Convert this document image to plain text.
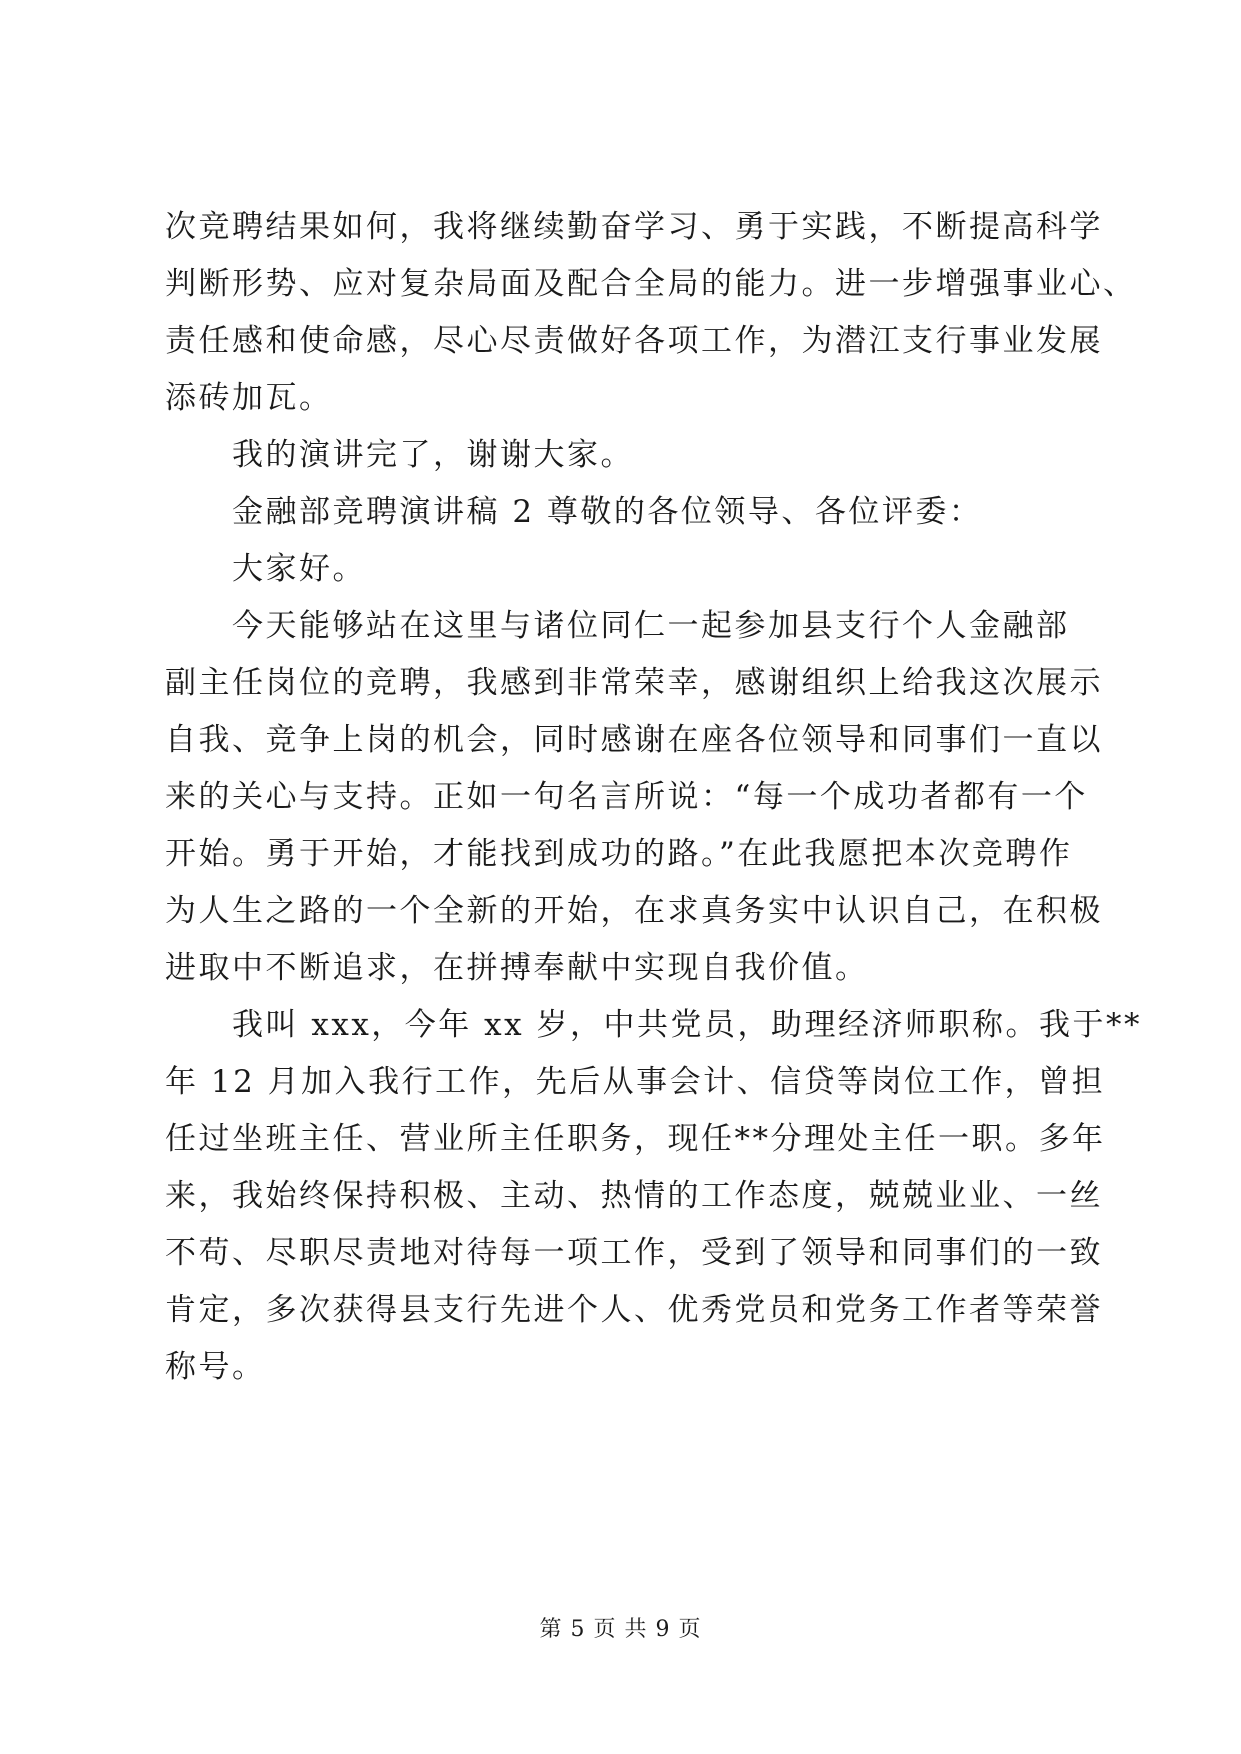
次竞聘结果如何，我将继续勤奋学习、勇于实践，不断提高科学
判断形势、应对复杂局面及配合全局的能力。进一步增强事业心、
责任感和使命感，尽心尽责做好各项工作，为潜江支行事业发展
添砖加瓦。
我的演讲完了，谢谢大家。
金融部竞聘演讲稿 2 尊敬的各位领导、各位评委：
大家好。
今天能够站在这里与诸位同仁一起参加县支行个人金融部
副主任岗位的竞聘，我感到非常荣幸，感谢组织上给我这次展示
自我、竞争上岗的机会，同时感谢在座各位领导和同事们一直以
来的关心与支持。正如一句名言所说：“每一个成功者都有一个
开始。勇于开始，才能找到成功的路。”在此我愿把本次竞聘作
为人生之路的一个全新的开始，在求真务实中认识自己，在积极
进取中不断追求，在拼搏奉献中实现自我价值。
我叫 xxx，今年 xx 岁，中共党员，助理经济师职称。我于**
年 12 月加入我行工作，先后从事会计、信贷等岗位工作，曾担
任过坐班主任、营业所主任职务，现任**分理处主任一职。多年
来，我始终保持积极、主动、热情的工作态度，兢兢业业、一丝
不苟、尽职尽责地对待每一项工作，受到了领导和同事们的一致
肯定，多次获得县支行先进个人、优秀党员和党务工作者等荣誉
称号。
第 5 页 共 9 页
